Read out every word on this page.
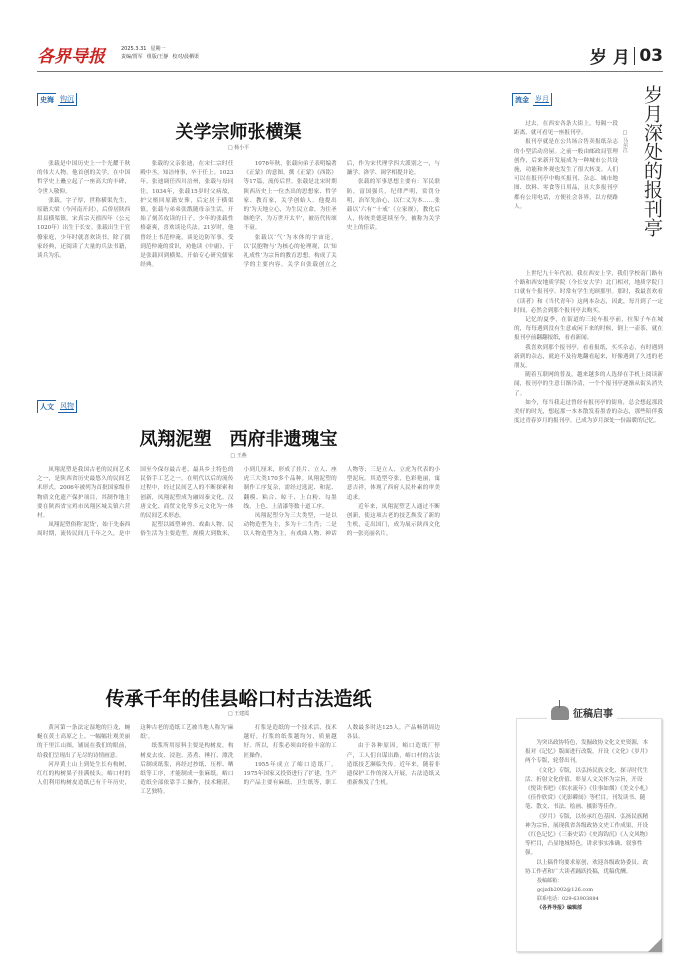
各界导报	2025.3.31 星期一
责编/贾军 组版/王静 校对/晨栖渠	岁 月 03
史海 钩沉
关学宗师张横渠
□ 杨小平

张载是中国历史上一个光耀千秋的伟大人物。他首创的关学，在中国哲学史上矗立起了一座高大的丰碑，令世人敬仰。

张载，字子厚，世称横渠先生，原籍大梁（今河南开封），后侨居陕西眉县横渠镇。宋真宗天禧四年（公元1020年）出生于长安。张载出生于官僚家庭，少年时就喜欢读书，除了儒家经典，还阅读了大量的兵法书籍，谈兵为乐。

张载的父亲张迪，在宋仁宗时任殿中丞，知涪州事，卒于任上。1023年，张迪调任四川涪州，张载与母同往。1034年，张载15岁时父病故，护父柩回原籍安葬，后定居于横渠镇，张载与弟弟张戬随母亲生活，开始了刻苦攻读的日子。少年的张载性格豪爽，喜欢谈论兵法。21岁时，他曾经上书范仲淹，谈论边防军事，受到范仲淹的赏识，劝他读《中庸》，于是张载回到横渠，开始专心研究儒家经典。

1076年秋，张载向弟子表明编著《正蒙》的意图，撰《正蒙》《西铭》等17篇，流传后世。张载是北宋时期陕西历史上一位杰出的思想家、哲学家、教育家，关学创始人。他提出的‘为天地立心，为生民立命，为往圣继绝学，为万世开太平’，被历代传颂不衰。

张载以‘气’为本体的宇宙论，以‘民胞物与’为核心的伦理观，以‘知礼成性’为宗旨的教育思想，构成了关学的主要内容。关学自张载创立之后，作为宋代理学四大派别之一，与濂学、洛学、闽学相提并论。

张载的军事思想主要有：军民联防，富国强兵，纪律严明，赏罚分明，治军先治心，以仁义为本……张载以‘六有’‘十戒’（立家规），教化后人，传统美德延续至今，被称为关学史上的佳话。

人文 风物
凤翔泥塑　西府非遗瑰宝
□ 王燕

凤翔泥塑是我国古老的民间艺术之一，是陕西省历史最悠久的民间艺术形式。2006年被列为首批国家级非物质文化遗产保护项目，其制作地主要在陕西省宝鸡市凤翔区城关镇六营村。

凤翔泥塑俗称‘泥货’，始于先秦西周时期，流传民间几千年之久，是中国至今保存最古老、最具乡土特色的民俗手工艺之一。在明代以后的流传过程中，经过民间艺人的不断探索和创新，凤翔泥塑成为融周秦文化、汉唐文化、商贸文化等多元文化为一体的民间艺术形态。

泥塑以圆塑神兽、戏曲人物、民俗生活为主要造型，规模大到数米，小到几厘米，形成了挂片、立人、座虎三大类170多个品种。凤翔泥塑的制作工序复杂，需经过选泥、和泥、翻模、粘合、晾干、上白粉、勾墨线、上色、上清漆等数十道工序。

凤翔泥塑分为三大类型，一是以动物造型为主，多为十二生肖；二是以人物造型为主，有戏曲人物、神话人物等；三是立人、立虎为代表的小型泥玩。其造型夸张，色彩艳丽，寓意吉祥，体现了西府人民朴素的审美追求。

近年来，凤翔泥塑艺人通过不断创新，使这项古老的技艺焕发了新的生机，走出国门，成为展示陕西文化的一张亮丽名片。

传承千年的佳县峪口村古法造纸
□ 王建霞

黄河第一条法定湿地的巨龙，蜿蜒在黄土高原之上。一幅幅壮观美丽的千里江山图，铺展在我们的眼前，给我们呈现出了无尽的诗情画意。

河岸黄土山上到处生长有构树，红红的构树果子挂满枝头。峪口村的人们利用构树皮造纸已有千年历史，这种古老的造纸工艺被当地人称为‘麻纸’。

纸浆所用原料主要是构树皮，构树皮去皮、浸泡、蒸煮、捶打、漂洗后制成纸浆，再经过抄纸、压榨、晒纸等工序，才能制成一张麻纸。峪口造纸全部依靠手工操作，技术精湛，工艺独特。

打浆是造纸的一个技术活，技术越好，打浆的纸浆越均匀，质量越好。所以，打浆必须由经验丰富的工匠操作。

1955年成立了峪口造纸厂，1975年国家又投资进行了扩建，生产的产品主要有麻纸、卫生纸等，职工人数最多时达125人，产品畅销周边各县。

由于各种原因，峪口造纸厂停产，工人们自谋出路，峪口村的古法造纸技艺濒临失传。近年来，随着非遗保护工作的深入开展，古法造纸又重新焕发了生机。

流金 岁月	岁月深处的报刊亭
□ 马尔江

过去，在西安各条大街上，每隔一段距离，就可看见一座报刊亭。

报刊亭就是在公共场合售卖报纸杂志的小型活动房屋。之前一般由邮政局管理创作，后来新开发展成为一种城市公共设施，功能和外观也发生了很大转变。人们可以在报刊亭中购买报刊、杂志、城市地图、饮料、零食等日用品，且大多报刊亭都有公用电话，方便社会各界，以方便路人。

上世纪九十年代初，我在西安上学，我们学校南门路有个路和西安地质学院（今长安大学）北门相对，地质学院门口就有个报刊亭。时常有学生光顾那里。那时，我最喜欢看《读者》和《当代青年》这两本杂志，因此，每月到了一定时间，必然会到那个报刊亭去购买。

记忆的夏季，在街道的三轮车报亭前，拉架子车在城的，每每遇到没有生意或闲下来的时候，倒上一壶茶，就在报刊亭前翻翻报纸，看看新闻。

我喜欢到那个报刊亭，看看报纸，买买杂志，有时遇到新到的杂志，就迫不及待地翻看起来，好像遇到了久违的老朋友。

随着互联网的普及，越来越多的人选择在手机上阅读新闻，报刊亭的生意日渐冷清，一个个报刊亭逐渐从街头消失了。

如今，每当我走过曾经有报刊亭的街角，总会想起那段美好的时光，想起那一本本散发着墨香的杂志，那些陪伴我度过青春岁月的报刊亭，已成为岁月深处一份温暖的记忆。

征稿启事

为突出政协特色，发掘政协文化文史资源，本报对《记忆》版面进行改版，开设《文化》《岁月》两个专版，轮替出刊。

《文化》专版，以弘扬民族文化、探寻时代生活、折射文化价值、彰显人文关怀为宗旨，开设《悦读书吧》《似水流年》《往事如烟》《美文小札》《佳作欣赏》《光影瞬间》等栏目，刊发读书、随笔、散文、书法、绘画、摄影等佳作。

《岁月》专版，以传承红色基因、弘扬民族精神为宗旨，展现我省各级政协文史工作成果，开设《红色记忆》《三秦史话》《史海钩沉》《人文风物》等栏目，凸显地域特色，讲求事实准确、叙事性强。

以上稿件均要求原创，欢迎各级政协委员、政协工作者和广大读者踊跃投稿，优稿优酬。

投稿邮箱：
gcjzdb2002@126.com
联系电话：029-63903884
《各界导报》编辑部
